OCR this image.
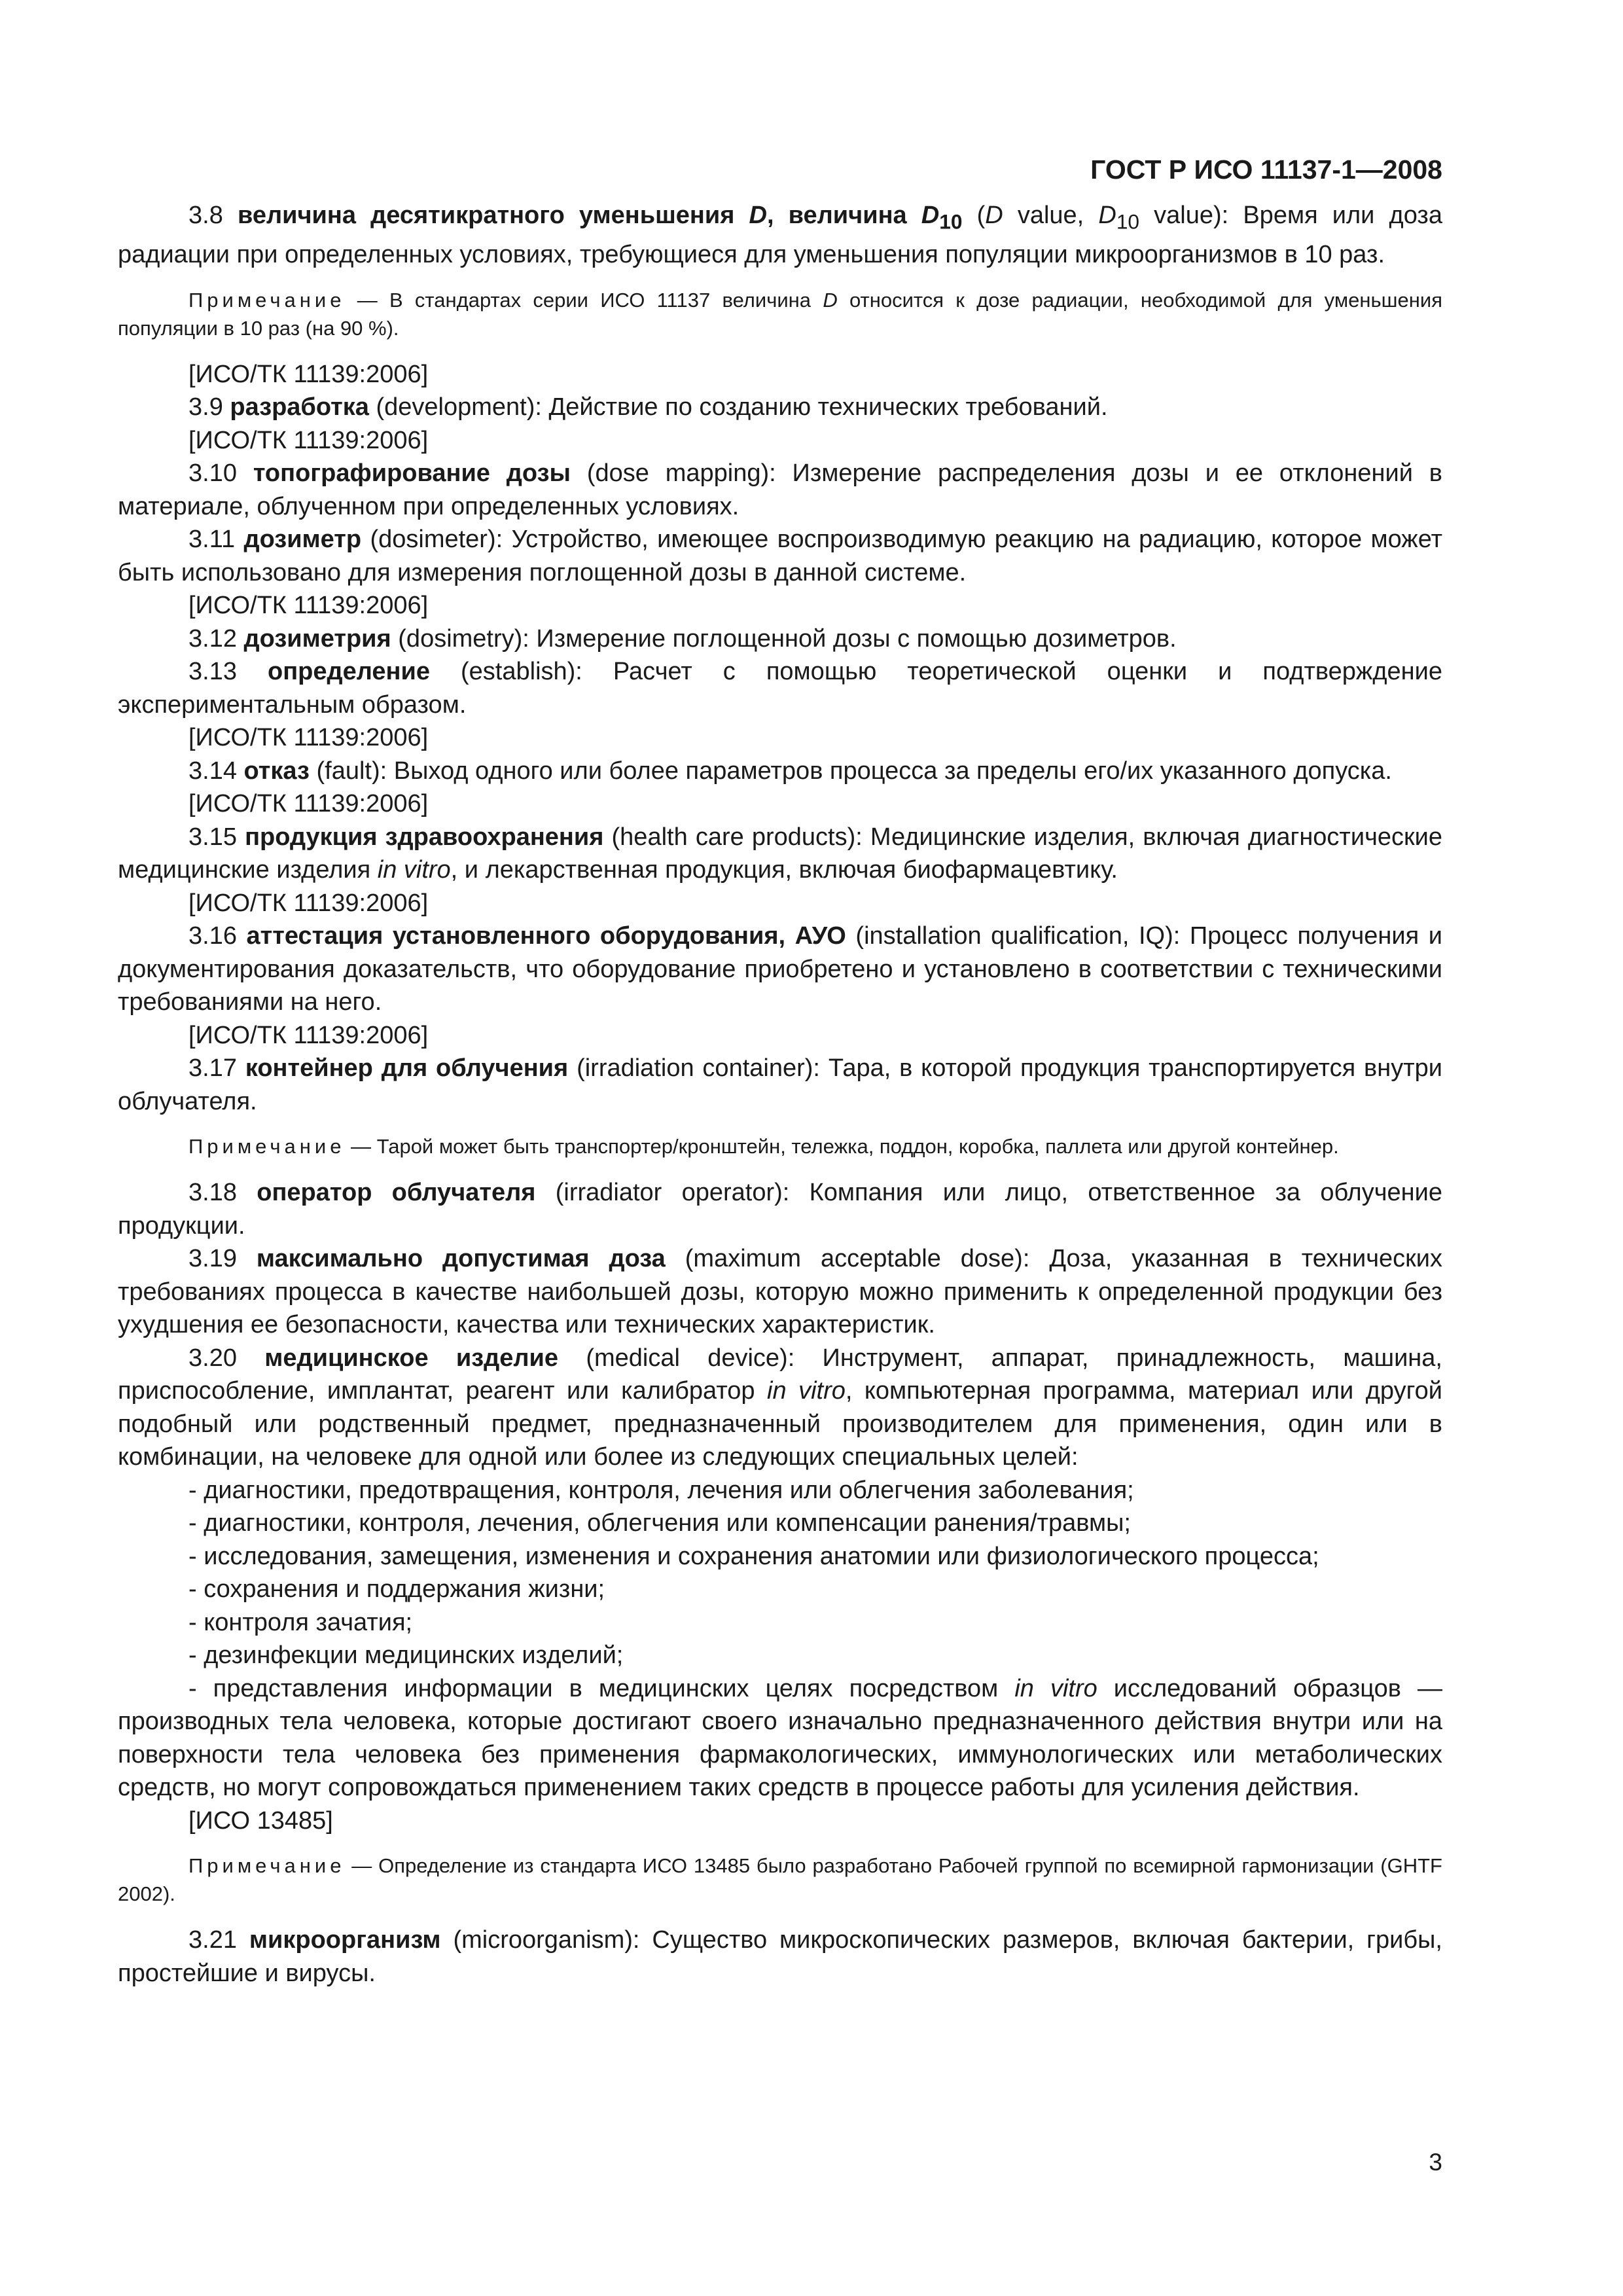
ГОСТ Р ИСО 11137-1—2008

3.8 величина десятикратного уменьшения D, величина $D_{10}$ (D value, $D_{10}$ value): Время или доза радиации при определенных условиях, требующиеся для уменьшения популяции микроорганизмов в 10 раз.

Примечание — В стандартах серии ИСО 11137 величина D относится к дозе радиации, необходимой для уменьшения популяции в 10 раз (на 90 %).

[ИСО/ТК 11139:2006]

3.9 разработка (development): Действие по созданию технических требований.

[ИСО/ТК 11139:2006]

3.10 топографирование дозы (dose mapping): Измерение распределения дозы и ее отклонений в материале, облученном при определенных условиях.

3.11 дозиметр (dosimeter): Устройство, имеющее воспроизводимую реакцию на радиацию, которое может быть использовано для измерения поглощенной дозы в данной системе.

[ИСО/ТК 11139:2006]

3.12 дозиметрия (dosimetry): Измерение поглощенной дозы с помощью дозиметров.

3.13 определение (establish): Расчет с помощью теоретической оценки и подтверждение экспериментальным образом.

[ИСО/ТК 11139:2006]

3.14 отказ (fault): Выход одного или более параметров процесса за пределы его/их указанного допуска.

[ИСО/ТК 11139:2006]

3.15 продукция здравоохранения (health care products): Медицинские изделия, включая диагностические медицинские изделия in vitro, и лекарственная продукция, включая биофармацевтику.

[ИСО/ТК 11139:2006]

3.16 аттестация установленного оборудования, АУО (installation qualification, IQ): Процесс получения и документирования доказательств, что оборудование приобретено и установлено в соответствии с техническими требованиями на него.

[ИСО/ТК 11139:2006]

3.17 контейнер для облучения (irradiation container): Тара, в которой продукция транспортируется внутри облучателя.

Примечание — Тарой может быть транспортер/кронштейн, тележка, поддон, коробка, паллета или другой контейнер.

3.18 оператор облучателя (irradiator operator): Компания или лицо, ответственное за облучение продукции.

3.19 максимально допустимая доза (maximum acceptable dose): Доза, указанная в технических требованиях процесса в качестве наибольшей дозы, которую можно применить к определенной продукции без ухудшения ее безопасности, качества или технических характеристик.

3.20 медицинское изделие (medical device): Инструмент, аппарат, принадлежность, машина, приспособление, имплантат, реагент или калибратор in vitro, компьютерная программа, материал или другой подобный или родственный предмет, предназначенный производителем для применения, один или в комбинации, на человеке для одной или более из следующих специальных целей:

- диагностики, предотвращения, контроля, лечения или облегчения заболевания;

- диагностики, контроля, лечения, облегчения или компенсации ранения/травмы;

- исследования, замещения, изменения и сохранения анатомии или физиологического процесса;

- сохранения и поддержания жизни;

- контроля зачатия;

- дезинфекции медицинских изделий;

- представления информации в медицинских целях посредством in vitro исследований образцов — производных тела человека, которые достигают своего изначально предназначенного действия внутри или на поверхности тела человека без применения фармакологических, иммунологических или метаболических средств, но могут сопровождаться применением таких средств в процессе работы для усиления действия.

[ИСО 13485]

Примечание — Определение из стандарта ИСО 13485 было разработано Рабочей группой по всемирной гармонизации (GHTF 2002).

3.21 микроорганизм (microorganism): Существо микроскопических размеров, включая бактерии, грибы, простейшие и вирусы.

3
